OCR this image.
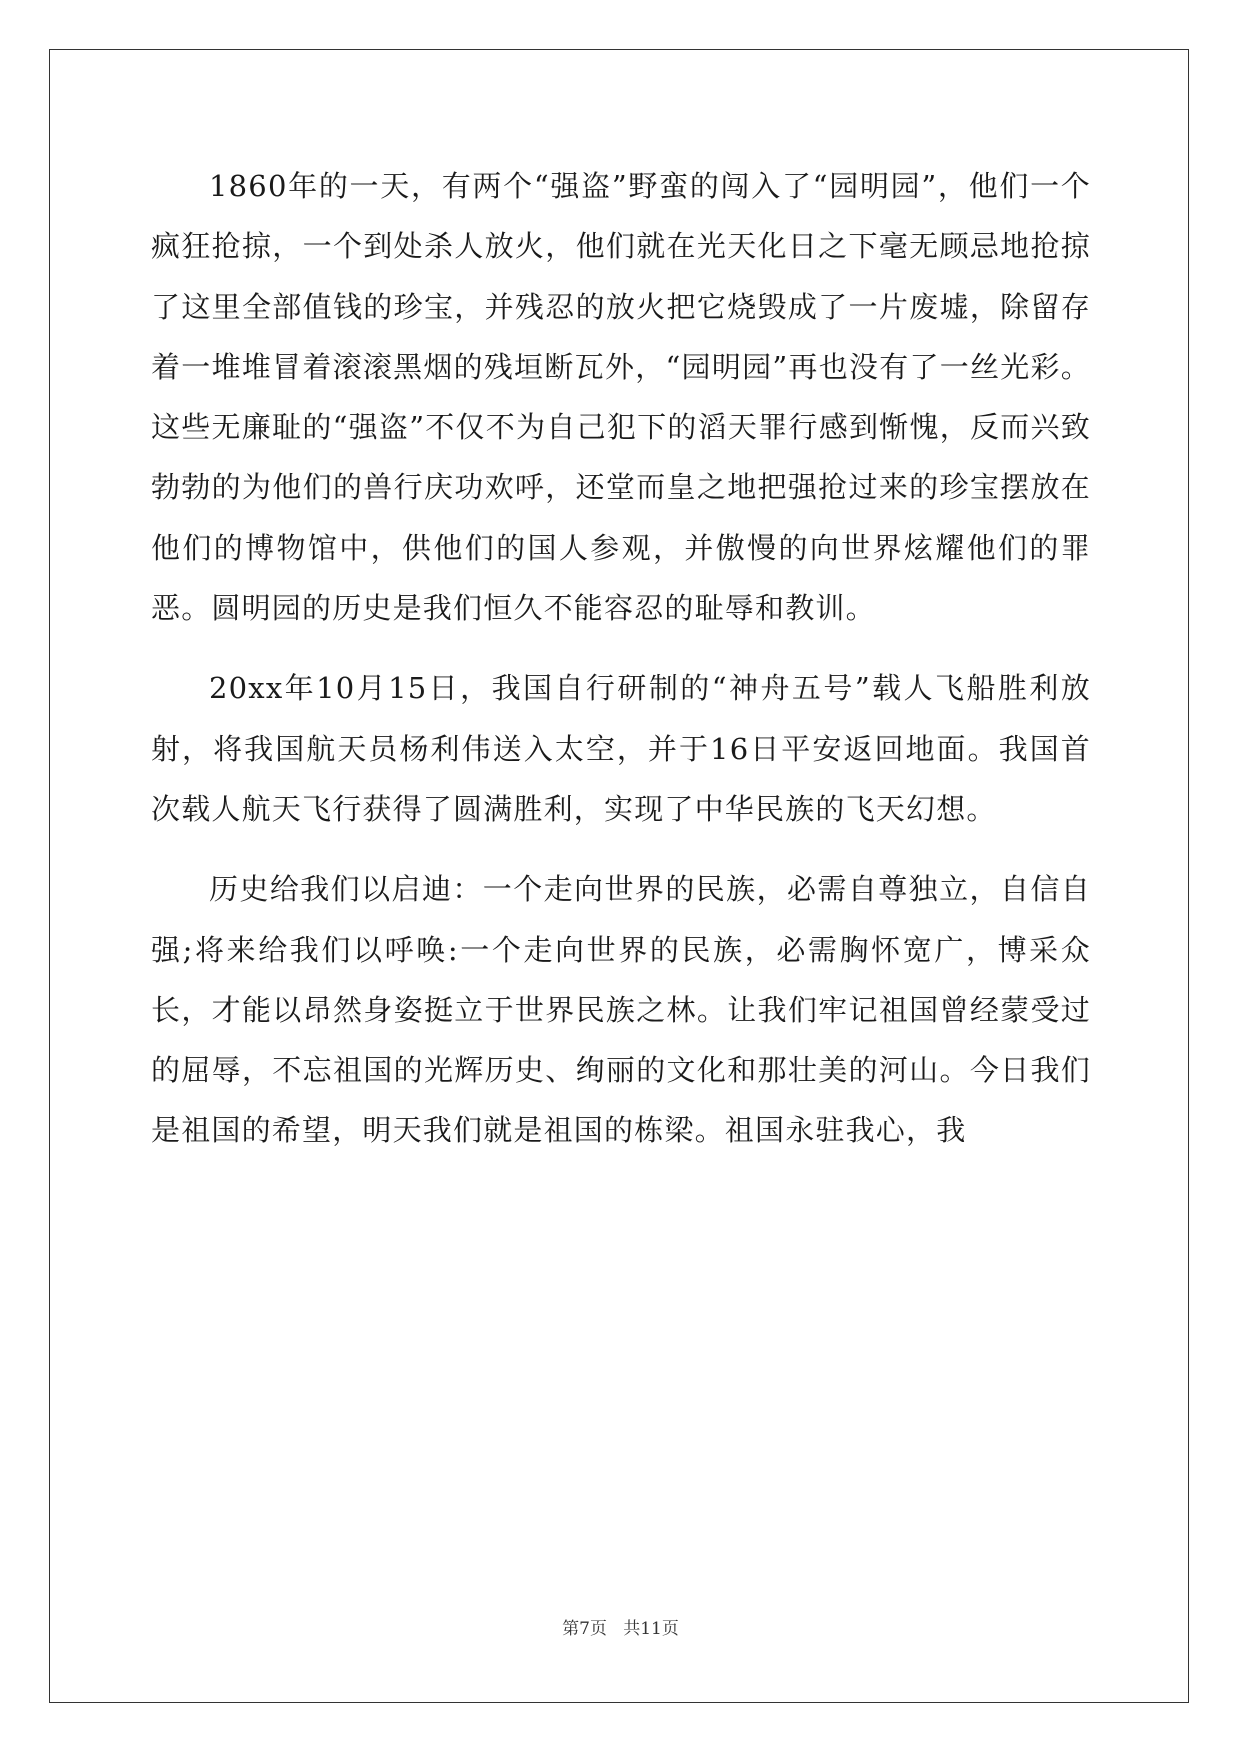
1860年的一天，有两个“强盗”野蛮的闯入了“园明园”，他们一个疯狂抢掠，一个到处杀人放火，他们就在光天化日之下毫无顾忌地抢掠了这里全部值钱的珍宝，并残忍的放火把它烧毁成了一片废墟，除留存着一堆堆冒着滚滚黑烟的残垣断瓦外，“园明园”再也没有了一丝光彩。这些无廉耻的“强盗”不仅不为自己犯下的滔天罪行感到惭愧，反而兴致勃勃的为他们的兽行庆功欢呼，还堂而皇之地把强抢过来的珍宝摆放在他们的博物馆中，供他们的国人参观，并傲慢的向世界炫耀他们的罪恶。圆明园的历史是我们恒久不能容忍的耻辱和教训。

20xx年10月15日，我国自行研制的“神舟五号”载人飞船胜利放射，将我国航天员杨利伟送入太空，并于16日平安返回地面。我国首次载人航天飞行获得了圆满胜利，实现了中华民族的飞天幻想。

历史给我们以启迪：一个走向世界的民族，必需自尊独立，自信自强;将来给我们以呼唤:一个走向世界的民族，必需胸怀宽广，博采众长，才能以昂然身姿挺立于世界民族之林。让我们牢记祖国曾经蒙受过的屈辱，不忘祖国的光辉历史、绚丽的文化和那壮美的河山。今日我们是祖国的希望，明天我们就是祖国的栋梁。祖国永驻我心，我

第7页 共11页
